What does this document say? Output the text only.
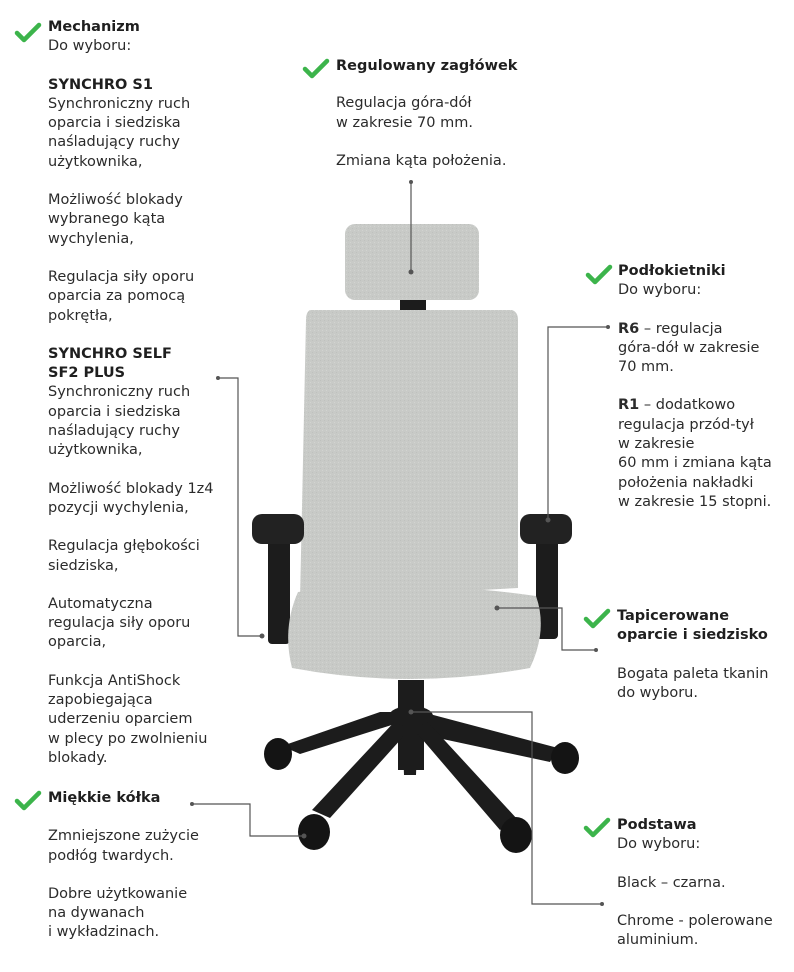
Mechanizm

Do wyboru:

SYNCHRO S1

Synchroniczny ruch

oparcia i siedziska

naśladujący ruchy

użytkownika,

Możliwość blokady

wybranego kąta

wychylenia,

Regulacja siły oporu

oparcia za pomocą

pokrętła,

SYNCHRO SELF

SF2 PLUS

Synchroniczny ruch

oparcia i siedziska

naśladujący ruchy

użytkownika,

Możliwość blokady 1z4

pozycji wychylenia,

Regulacja głębokości

siedziska,

Automatyczna

regulacja siły oporu

oparcia,

Funkcja AntiShock

zapobiegająca

uderzeniu oparciem

w plecy po zwolnieniu

blokady.

Regulowany zagłówek

Regulacja góra-dół

w zakresie 70 mm.

Zmiana kąta położenia.

Podłokietniki

Do wyboru:

R6 – regulacja

góra-dół w zakresie

70 mm.

R1 – dodatkowo

regulacja przód-tył

w zakresie

60 mm i zmiana kąta

położenia nakładki

w zakresie 15 stopni.

Tapicerowane

oparcie i siedzisko

Bogata paleta tkanin

do wyboru.

Miękkie kółka

Zmniejszone zużycie

podłóg twardych.

Dobre użytkowanie

na dywanach

i wykładzinach.

Podstawa

Do wyboru:

Black – czarna.

Chrome - polerowane

aluminium.
